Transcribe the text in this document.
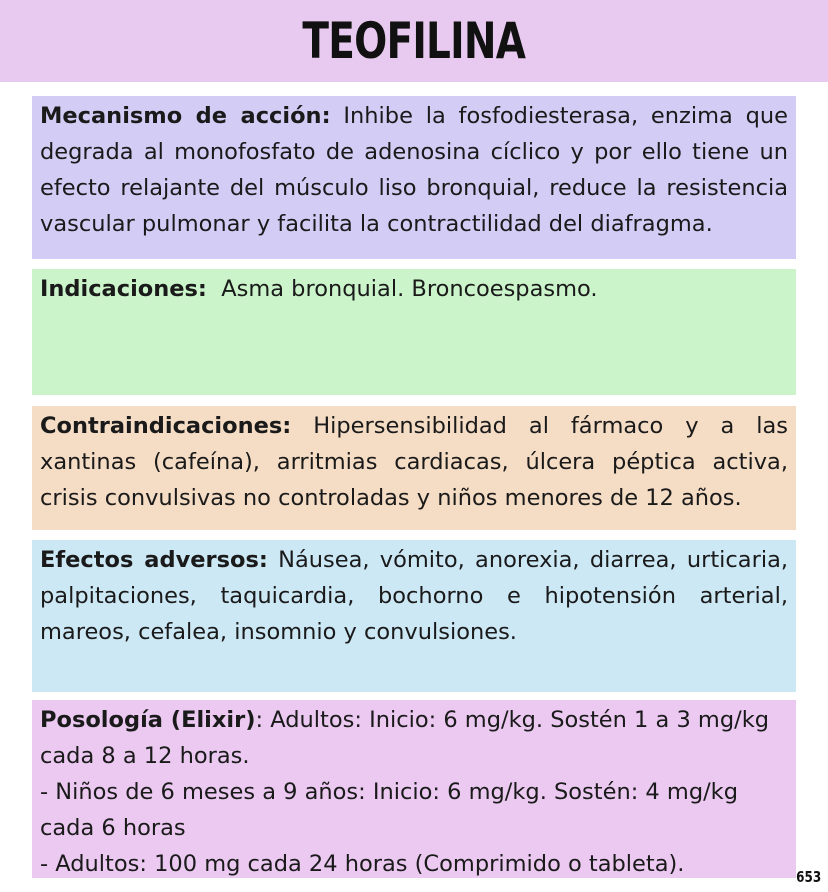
TEOFILINA

Mecanismo de acción: Inhibe la fosfodiesterasa, enzima que degrada al monofosfato de adenosina cíclico y por ello tiene un efecto relajante del músculo liso bronquial, reduce la resistencia vascular pulmonar y facilita la contractilidad del diafragma.

Indicaciones:  Asma bronquial. Broncoespasmo.

Contraindicaciones: Hipersensibilidad al fármaco y a las xantinas (cafeína), arritmias cardiacas, úlcera péptica activa, crisis convulsivas no controladas y niños menores de 12 años.

Efectos adversos: Náusea, vómito, anorexia, diarrea, urticaria, palpitaciones, taquicardia, bochorno e hipotensión arterial, mareos, cefalea, insomnio y convulsiones.

Posología (Elixir): Adultos: Inicio: 6 mg/kg. Sostén 1 a 3 mg/kg cada 8 a 12 horas.

- Niños de 6 meses a 9 años: Inicio: 6 mg/kg. Sostén: 4 mg/kg cada 6 horas

- Adultos: 100 mg cada 24 horas (Comprimido o tableta).	653
